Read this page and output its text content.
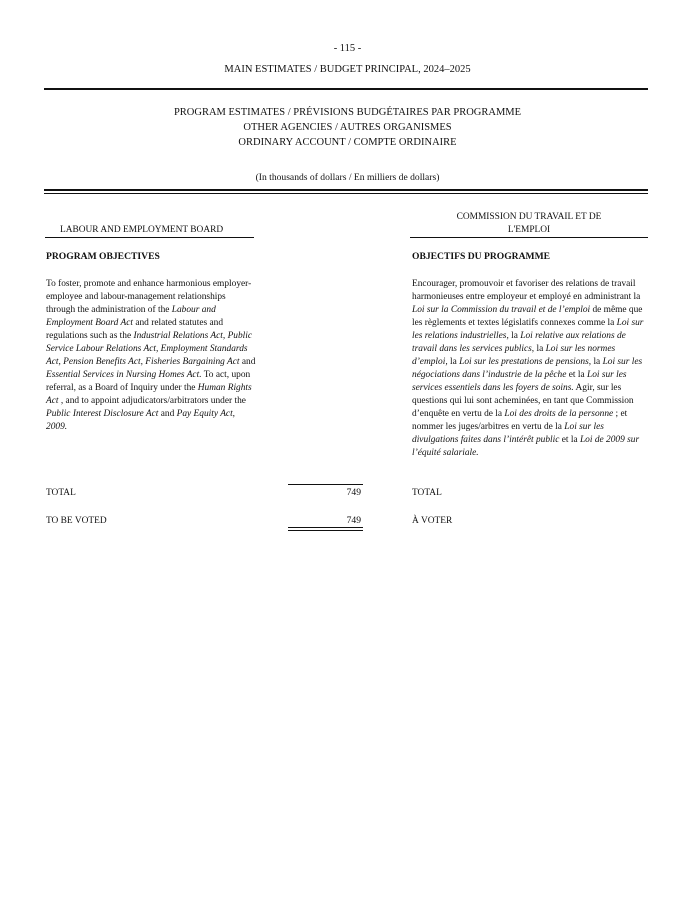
- 115 -
MAIN ESTIMATES / BUDGET PRINCIPAL, 2024–2025
PROGRAM ESTIMATES / PRÉVISIONS BUDGÉTAIRES PAR PROGRAMME
OTHER AGENCIES / AUTRES ORGANISMES
ORDINARY ACCOUNT / COMPTE ORDINAIRE
(In thousands of dollars / En milliers de dollars)
LABOUR AND EMPLOYMENT BOARD
COMMISSION DU TRAVAIL ET DE L'EMPLOI
PROGRAM OBJECTIVES	OBJECTIFS DU PROGRAMME
To foster, promote and enhance harmonious employer-employee and labour-management relationships through the administration of the Labour and Employment Board Act and related statutes and regulations such as the Industrial Relations Act, Public Service Labour Relations Act, Employment Standards Act, Pension Benefits Act, Fisheries Bargaining Act and Essential Services in Nursing Homes Act. To act, upon referral, as a Board of Inquiry under the Human Rights Act , and to appoint adjudicators/arbitrators under the Public Interest Disclosure Act and Pay Equity Act, 2009.
Encourager, promouvoir et favoriser des relations de travail harmonieuses entre employeur et employé en administrant la Loi sur la Commission du travail et de l’emploi de même que les règlements et textes législatifs connexes comme la Loi sur les relations industrielles, la Loi relative aux relations de travail dans les services publics, la Loi sur les normes d’emploi, la Loi sur les prestations de pensions, la Loi sur les négociations dans l’industrie de la pêche et la Loi sur les services essentiels dans les foyers de soins. Agir, sur les questions qui lui sont acheminées, en tant que Commission d’enquête en vertu de la Loi des droits de la personne ; et nommer les juges/arbitres en vertu de la Loi sur les divulgations faites dans l’intérêt public et la Loi de 2009 sur l’équité salariale.
TOTAL	749	TOTAL
TO BE VOTED	749	À VOTER
